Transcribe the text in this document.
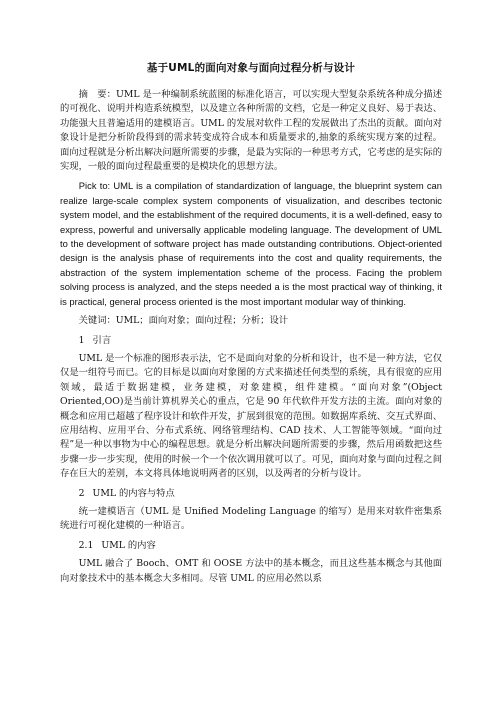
基于UML的面向对象与面向过程分析与设计

摘　要：UML 是一种编制系统蓝图的标准化语言，可以实现大型复杂系统各种成分描述的可视化、说明并构造系统模型，以及建立各种所需的文档，它是一种定义良好、易于表达、功能强大且普遍适用的建模语言。UML 的发展对软件工程的发展做出了杰出的贡献。面向对象设计是把分析阶段得到的需求转变成符合成本和质量要求的,抽象的系统实现方案的过程。面向过程就是分析出解决问题所需要的步骤，是最为实际的一种思考方式，它考虑的是实际的实现，一般的面向过程最重要的是模块化的思想方法。

Pick to: UML is a compilation of standardization of language, the blueprint system can realize large-scale complex system components of visualization, and describes tectonic system model, and the establishment of the required documents, it is a well-defined, easy to express, powerful and universally applicable modeling language. The development of UML to the development of software project has made outstanding contributions. Object-oriented design is the analysis phase of requirements into the cost and quality requirements, the abstraction of the system implementation scheme of the process. Facing the problem solving process is analyzed, and the steps needed a is the most practical way of thinking, it is practical, general process oriented is the most important modular way of thinking.

关键词：UML；面向对象；面向过程；分析；设计

1 引言

UML 是一个标准的图形表示法，它不是面向对象的分析和设计，也不是一种方法，它仅仅是一组符号而已。它的目标是以面向对象图的方式来描述任何类型的系统，具有很宽的应用领域，最适于数据建模，业务建模，对象建模，组件建模。“面向对象”(Object Oriented,OO)是当前计算机界关心的重点，它是 90 年代软件开发方法的主流。面向对象的概念和应用已超越了程序设计和软件开发，扩展到很宽的范围。如数据库系统、交互式界面、应用结构、应用平台、分布式系统、网络管理结构、CAD 技术、人工智能等领域。“面向过程”是一种以事物为中心的编程思想。就是分析出解决问题所需要的步骤，然后用函数把这些步骤一步一步实现，使用的时候一个一个依次调用就可以了。可见，面向对象与面向过程之间存在巨大的差别，本文将具体地说明两者的区别，以及两者的分析与设计。

2 UML 的内容与特点

统一建模语言（UML 是 Unified Modeling Language 的缩写）是用来对软件密集系统进行可视化建模的一种语言。

2.1 UML 的内容

UML 融合了 Booch、OMT 和 OOSE 方法中的基本概念，而且这些基本概念与其他面向对象技术中的基本概念大多相同。尽管 UML 的应用必然以系
